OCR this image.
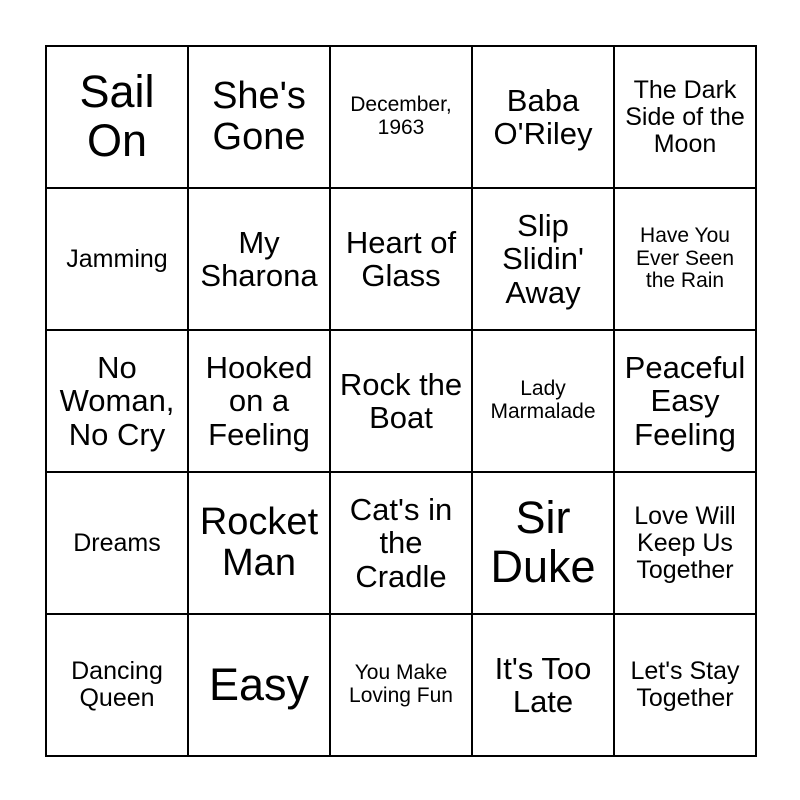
Sail On	She's Gone	December, 1963	Baba O'Riley	The Dark Side of the Moon
Jamming	My Sharona	Heart of Glass	Slip Slidin' Away	Have You Ever Seen the Rain
No Woman, No Cry	Hooked on a Feeling	Rock the Boat	Lady Marmalade	Peaceful Easy Feeling
Dreams	Rocket Man	Cat's in the Cradle	Sir Duke	Love Will Keep Us Together
Dancing Queen	Easy	You Make Loving Fun	It's Too Late	Let's Stay Together
